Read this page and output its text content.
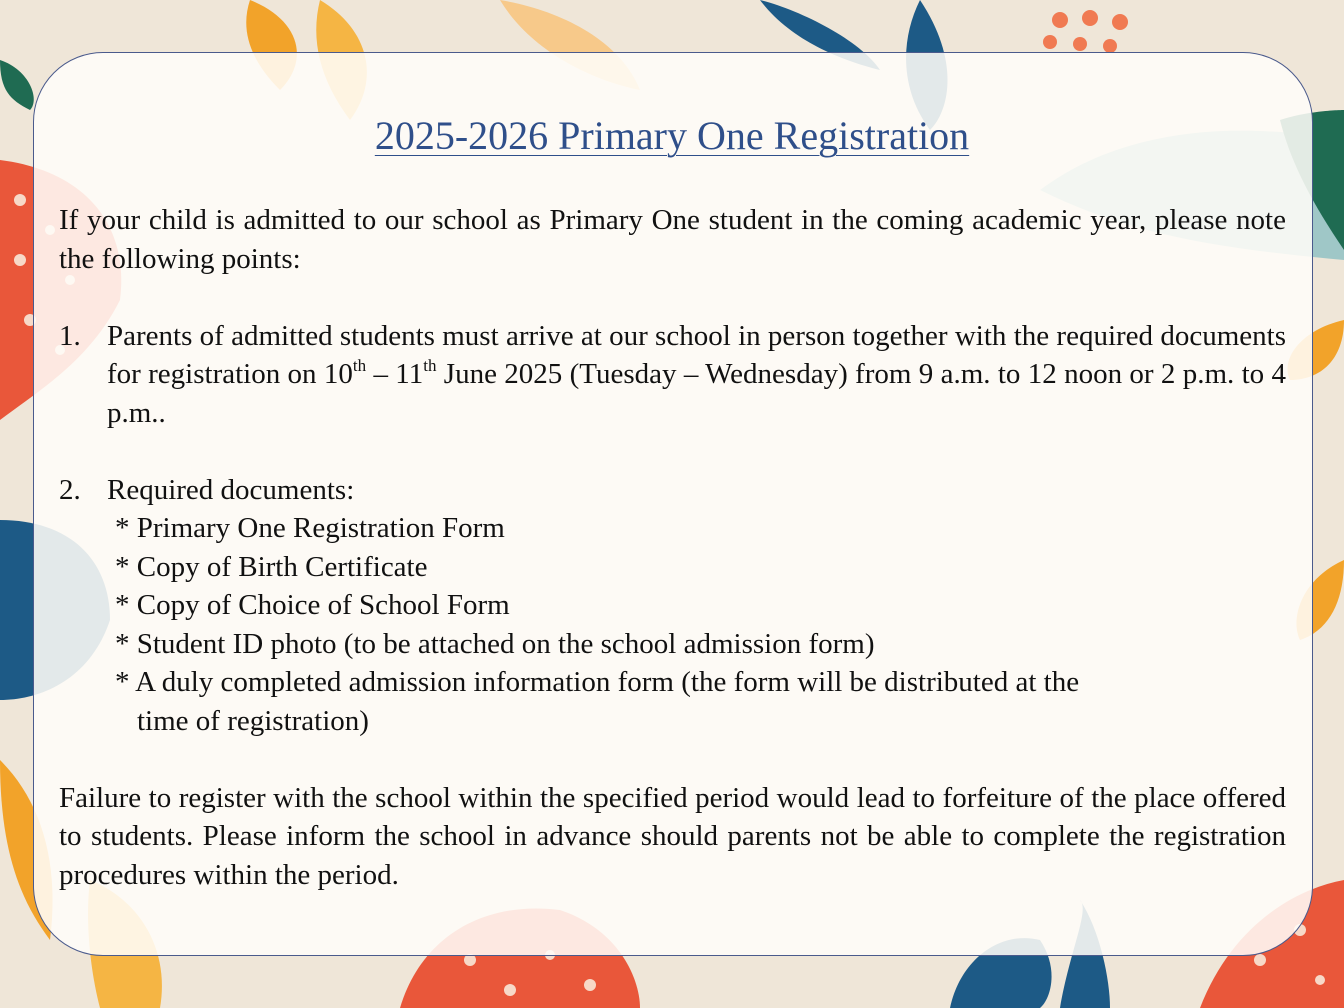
2025-2026 Primary One Registration

If your child is admitted to our school as Primary One student in the coming academic year, please note the following points:

1. Parents of admitted students must arrive at our school in person together with the required documents for registration on 10th – 11th June 2025 (Tuesday – Wednesday) from 9 a.m. to 12 noon or 2 p.m. to 4 p.m..

2. Required documents:

* Primary One Registration Form

* Copy of Birth Certificate

* Copy of Choice of School Form

* Student ID photo (to be attached on the school admission form)

* A duly completed admission information form (the form will be distributed at the

time of registration)

Failure to register with the school within the specified period would lead to forfeiture of the place offered to students. Please inform the school in advance should parents not be able to complete the registration procedures within the period.
